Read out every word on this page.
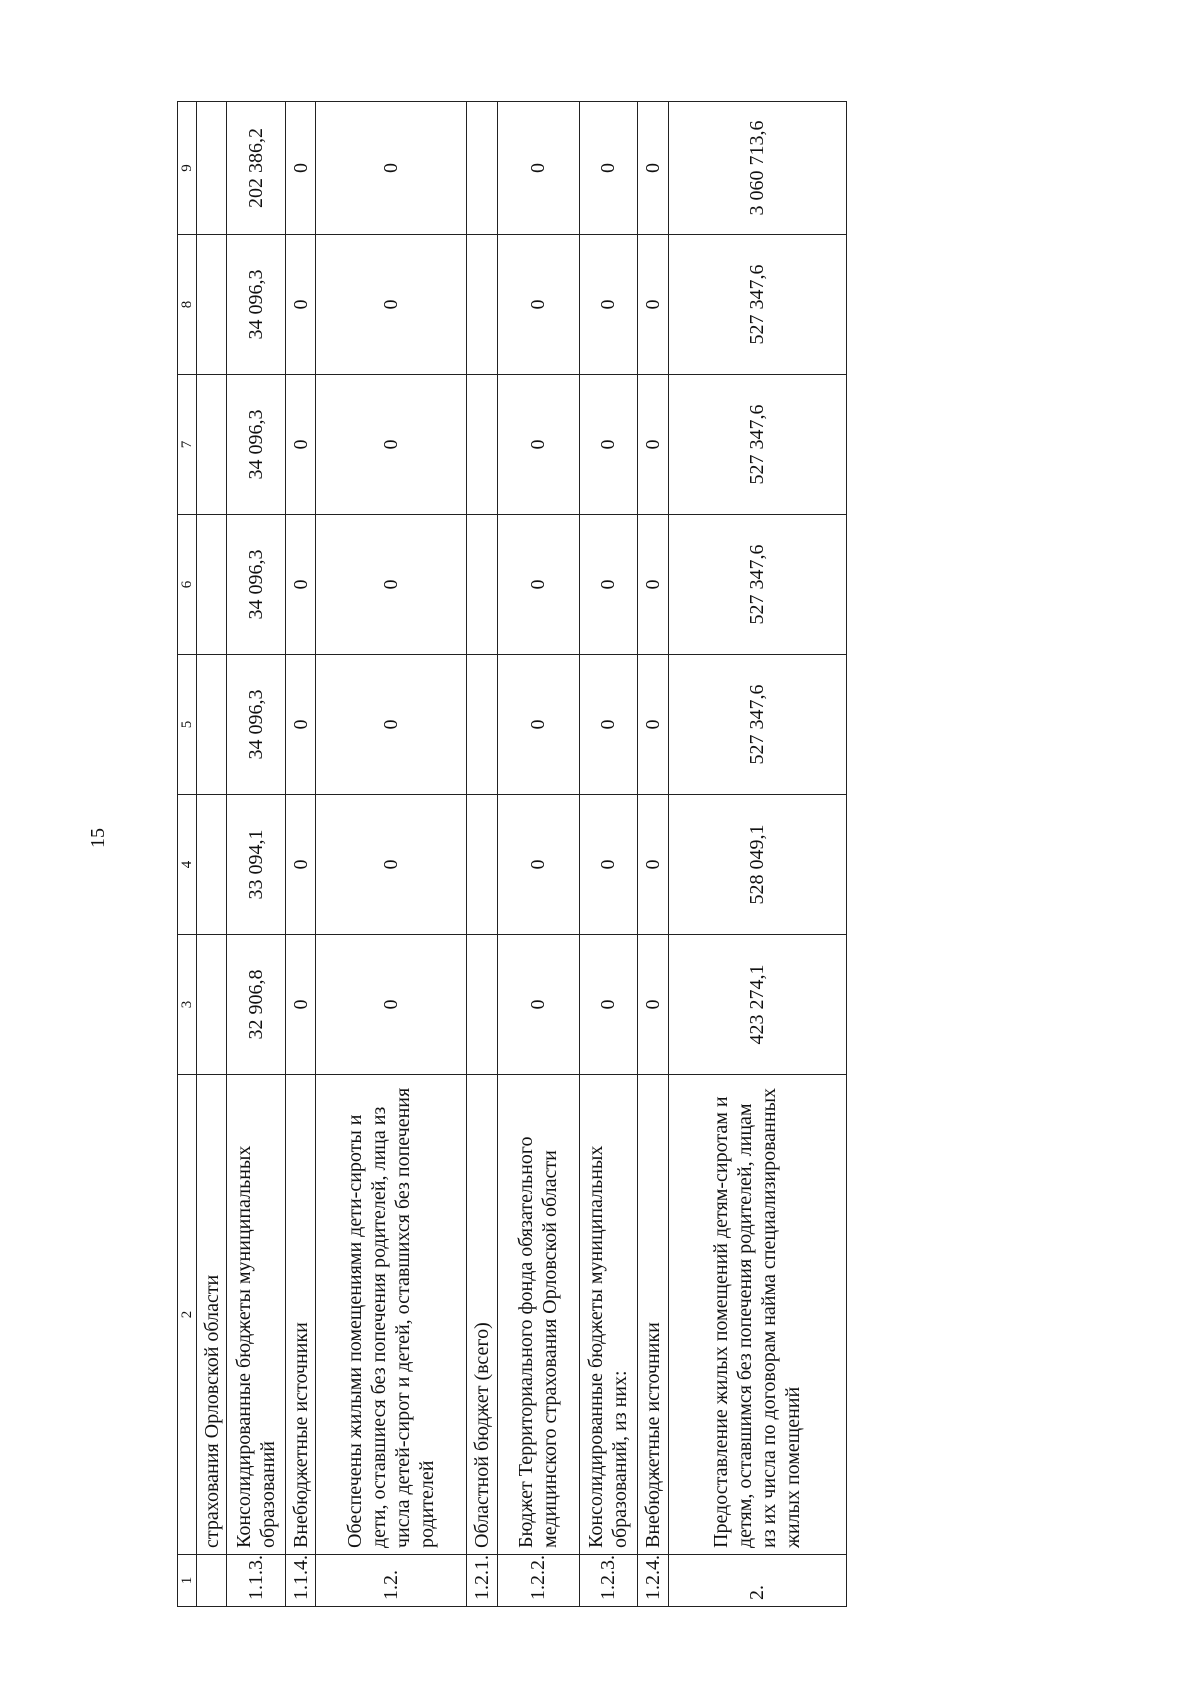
15
1	2	3	4	5	6	7	8	9
	страхования Орловской области							
1.1.3.	Консолидированные бюджеты муниципальных образований	32 906,8	33 094,1	34 096,3	34 096,3	34 096,3	34 096,3	202 386,2
1.1.4.	Внебюджетные источники	0	0	0	0	0	0	0
1.2.	Обеспечены жилыми помещениями дети-сироты и дети, оставшиеся без попечения родителей, лица из числа детей-сирот и детей, оставшихся без попечения родителей	0	0	0	0	0	0	0
1.2.1.	Областной бюджет (всего)							
1.2.2.	Бюджет Территориального фонда обязательного медицинского страхования Орловской области	0	0	0	0	0	0	0
1.2.3.	Консолидированные бюджеты муниципальных образований, из них:	0	0	0	0	0	0	0
1.2.4.	Внебюджетные источники	0	0	0	0	0	0	0
2.	Предоставление жилых помещений детям-сиротам и детям, оставшимся без попечения родителей, лицам из их числа по договорам найма специализированных жилых помещений	423 274,1	528 049,1	527 347,6	527 347,6	527 347,6	527 347,6	3 060 713,6
